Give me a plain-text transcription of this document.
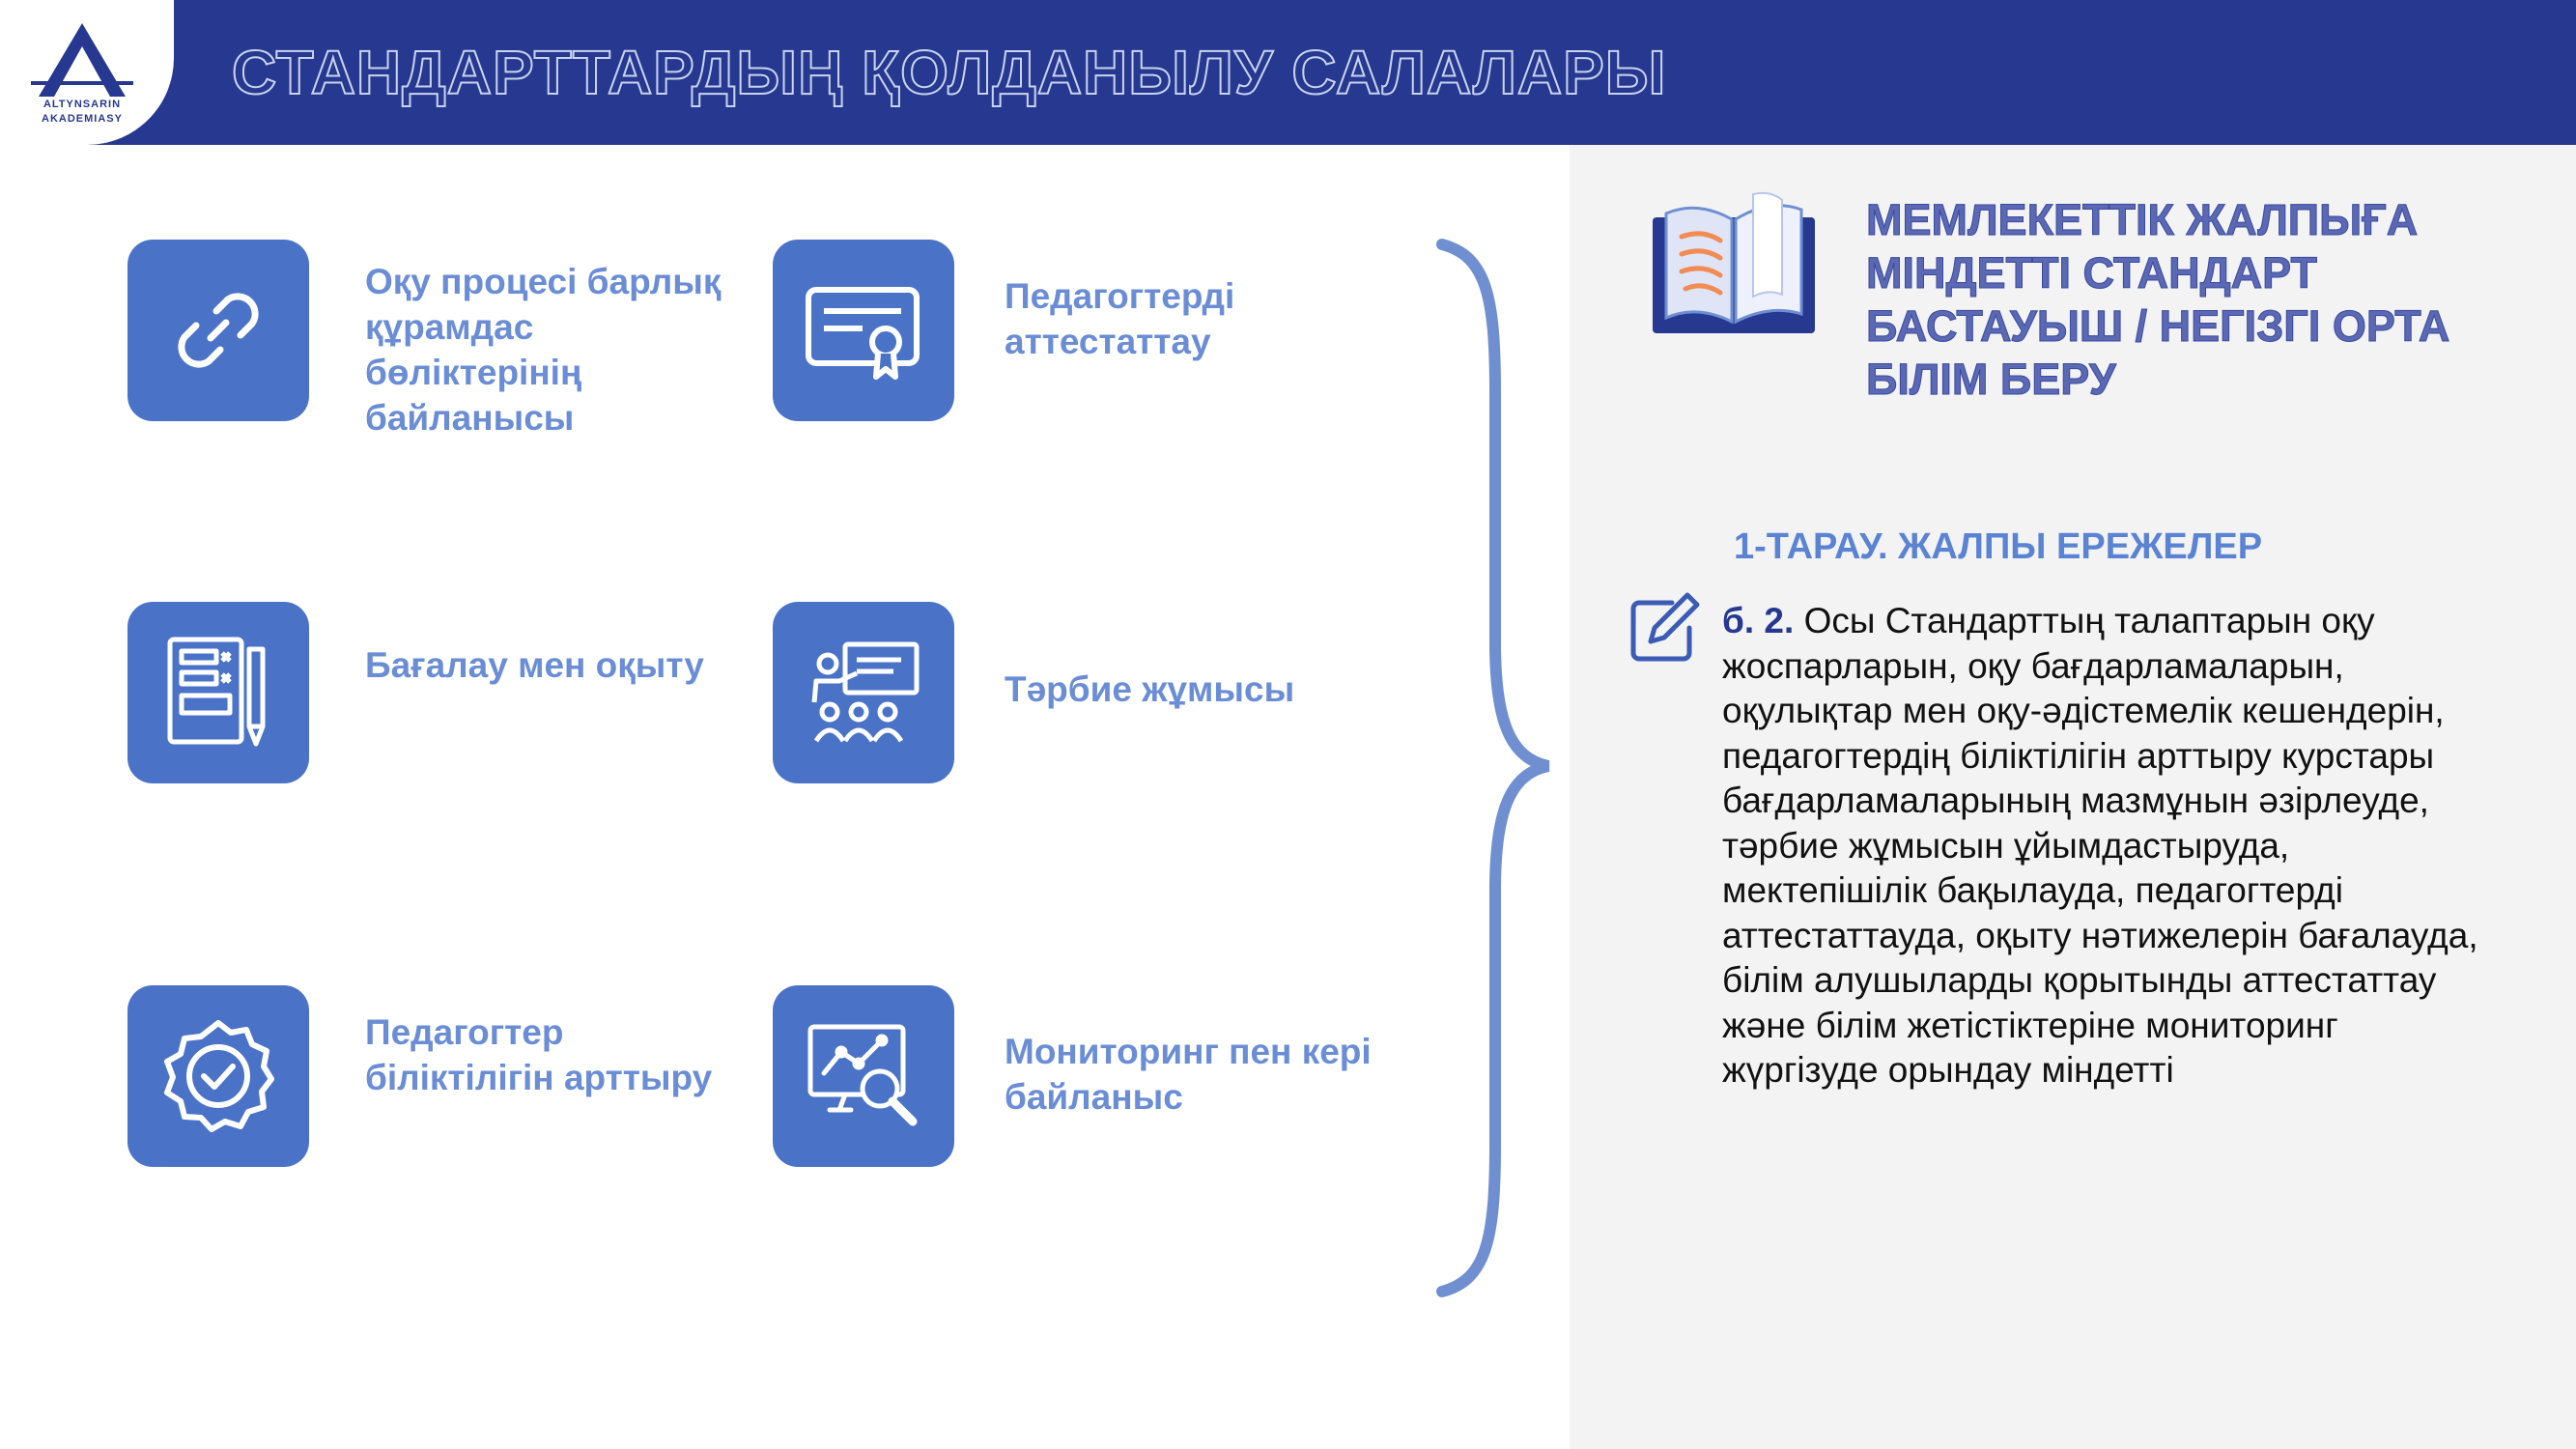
ALTYNSARIN
AKADEMIASY
СТАНДАРТТАРДЫҢ ҚОЛДАНЫЛУ САЛАЛАРЫ
Оқу процесі барлық құрамдас бөліктерінің байланысы
Педагогтерді аттестаттау
Бағалау мен оқыту
Тәрбие жұмысы
Педагогтер біліктілігін арттыру
Мониторинг пен кері байланыс
МЕМЛЕКЕТТІК ЖАЛПЫҒА МІНДЕТТІ СТАНДАРТ БАСТАУЫШ / НЕГІЗГІ ОРТА БІЛІМ БЕРУ
1-ТАРАУ. ЖАЛПЫ ЕРЕЖЕЛЕР
б. 2. Осы Стандарттың талаптарын оқу жоспарларын, оқу бағдарламаларын, оқулықтар мен оқу-әдістемелік кешендерін, педагогтердің біліктілігін арттыру курстары бағдарламаларының мазмұнын әзірлеуде, тәрбие жұмысын ұйымдастыруда, мектепішілік бақылауда, педагогтерді аттестаттауда, оқыту нәтижелерін бағалауда, білім алушыларды қорытынды аттестаттау және білім жетістіктеріне мониторинг жүргізуде орындау міндетті
